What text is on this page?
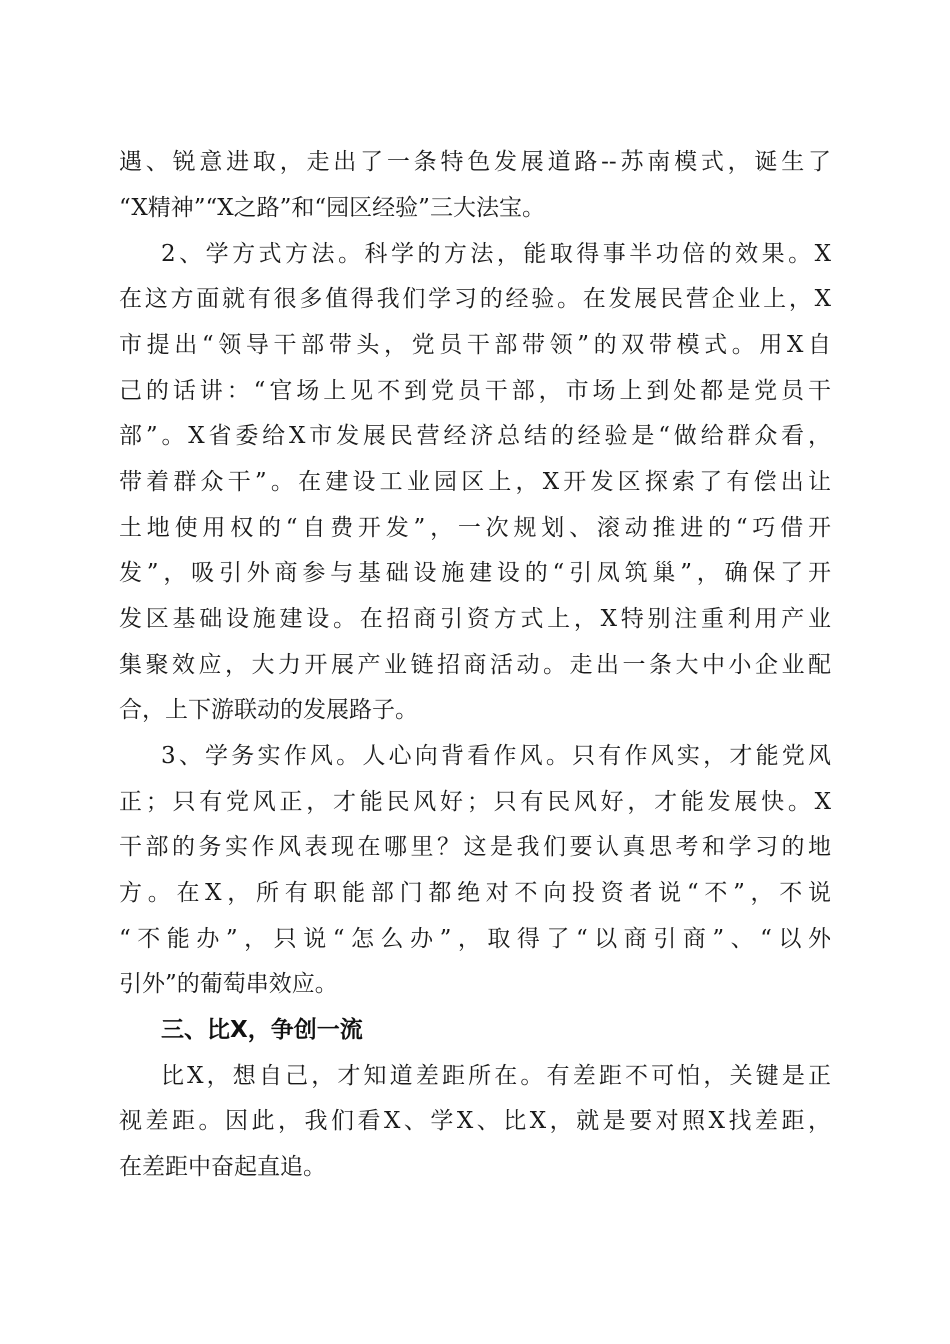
遇、锐意进取，走出了一条特色发展道路--苏南模式，诞生了
“X精神”“X之路”和“园区经验”三大法宝。
2、学方式方法。科学的方法，能取得事半功倍的效果。X
在这方面就有很多值得我们学习的经验。在发展民营企业上，X
市提出“领导干部带头，党员干部带领”的双带模式。用X自
己的话讲：“官场上见不到党员干部，市场上到处都是党员干
部”。X省委给X市发展民营经济总结的经验是“做给群众看，
带着群众干”。在建设工业园区上，X开发区探索了有偿出让
土地使用权的“自费开发”，一次规划、滚动推进的“巧借开
发”，吸引外商参与基础设施建设的“引凤筑巢”，确保了开
发区基础设施建设。在招商引资方式上，X特别注重利用产业
集聚效应，大力开展产业链招商活动。走出一条大中小企业配
合，上下游联动的发展路子。
3、学务实作风。人心向背看作风。只有作风实，才能党风
正；只有党风正，才能民风好；只有民风好，才能发展快。X
干部的务实作风表现在哪里？这是我们要认真思考和学习的地
方。在X，所有职能部门都绝对不向投资者说“不”，不说
“不能办”，只说“怎么办”，取得了“以商引商”、“以外
引外”的葡萄串效应。
三、比X，争创一流
比X，想自己，才知道差距所在。有差距不可怕，关键是正
视差距。因此，我们看X、学X、比X，就是要对照X找差距，
在差距中奋起直追。
